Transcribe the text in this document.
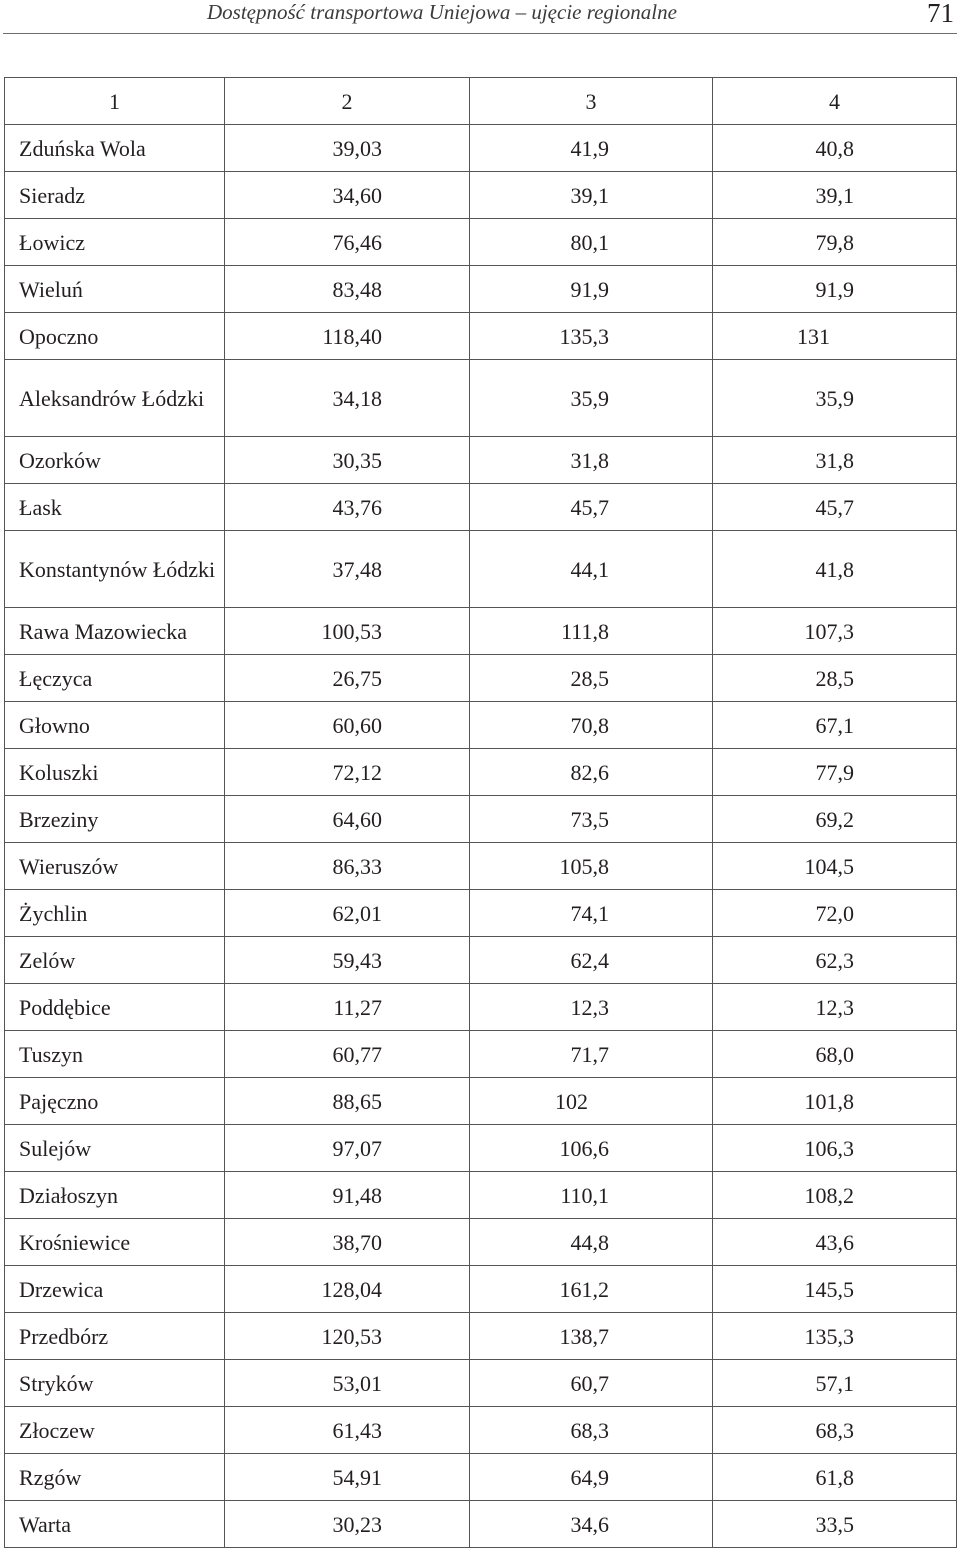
Dostępność transportowa Uniejowa – ujęcie regionalne	71
1	2	3	4
Zduńska Wola	39,03	41,9	40,8
Sieradz	34,60	39,1	39,1
Łowicz	76,46	80,1	79,8
Wieluń	83,48	91,9	91,9
Opoczno	118,40	135,3	131
Aleksandrów Łódzki	34,18	35,9	35,9
Ozorków	30,35	31,8	31,8
Łask	43,76	45,7	45,7
Konstantynów Łódzki	37,48	44,1	41,8
Rawa Mazowiecka	100,53	111,8	107,3
Łęczyca	26,75	28,5	28,5
Głowno	60,60	70,8	67,1
Koluszki	72,12	82,6	77,9
Brzeziny	64,60	73,5	69,2
Wieruszów	86,33	105,8	104,5
Żychlin	62,01	74,1	72,0
Zelów	59,43	62,4	62,3
Poddębice	11,27	12,3	12,3
Tuszyn	60,77	71,7	68,0
Pajęczno	88,65	102	101,8
Sulejów	97,07	106,6	106,3
Działoszyn	91,48	110,1	108,2
Krośniewice	38,70	44,8	43,6
Drzewica	128,04	161,2	145,5
Przedbórz	120,53	138,7	135,3
Stryków	53,01	60,7	57,1
Złoczew	61,43	68,3	68,3
Rzgów	54,91	64,9	61,8
Warta	30,23	34,6	33,5
